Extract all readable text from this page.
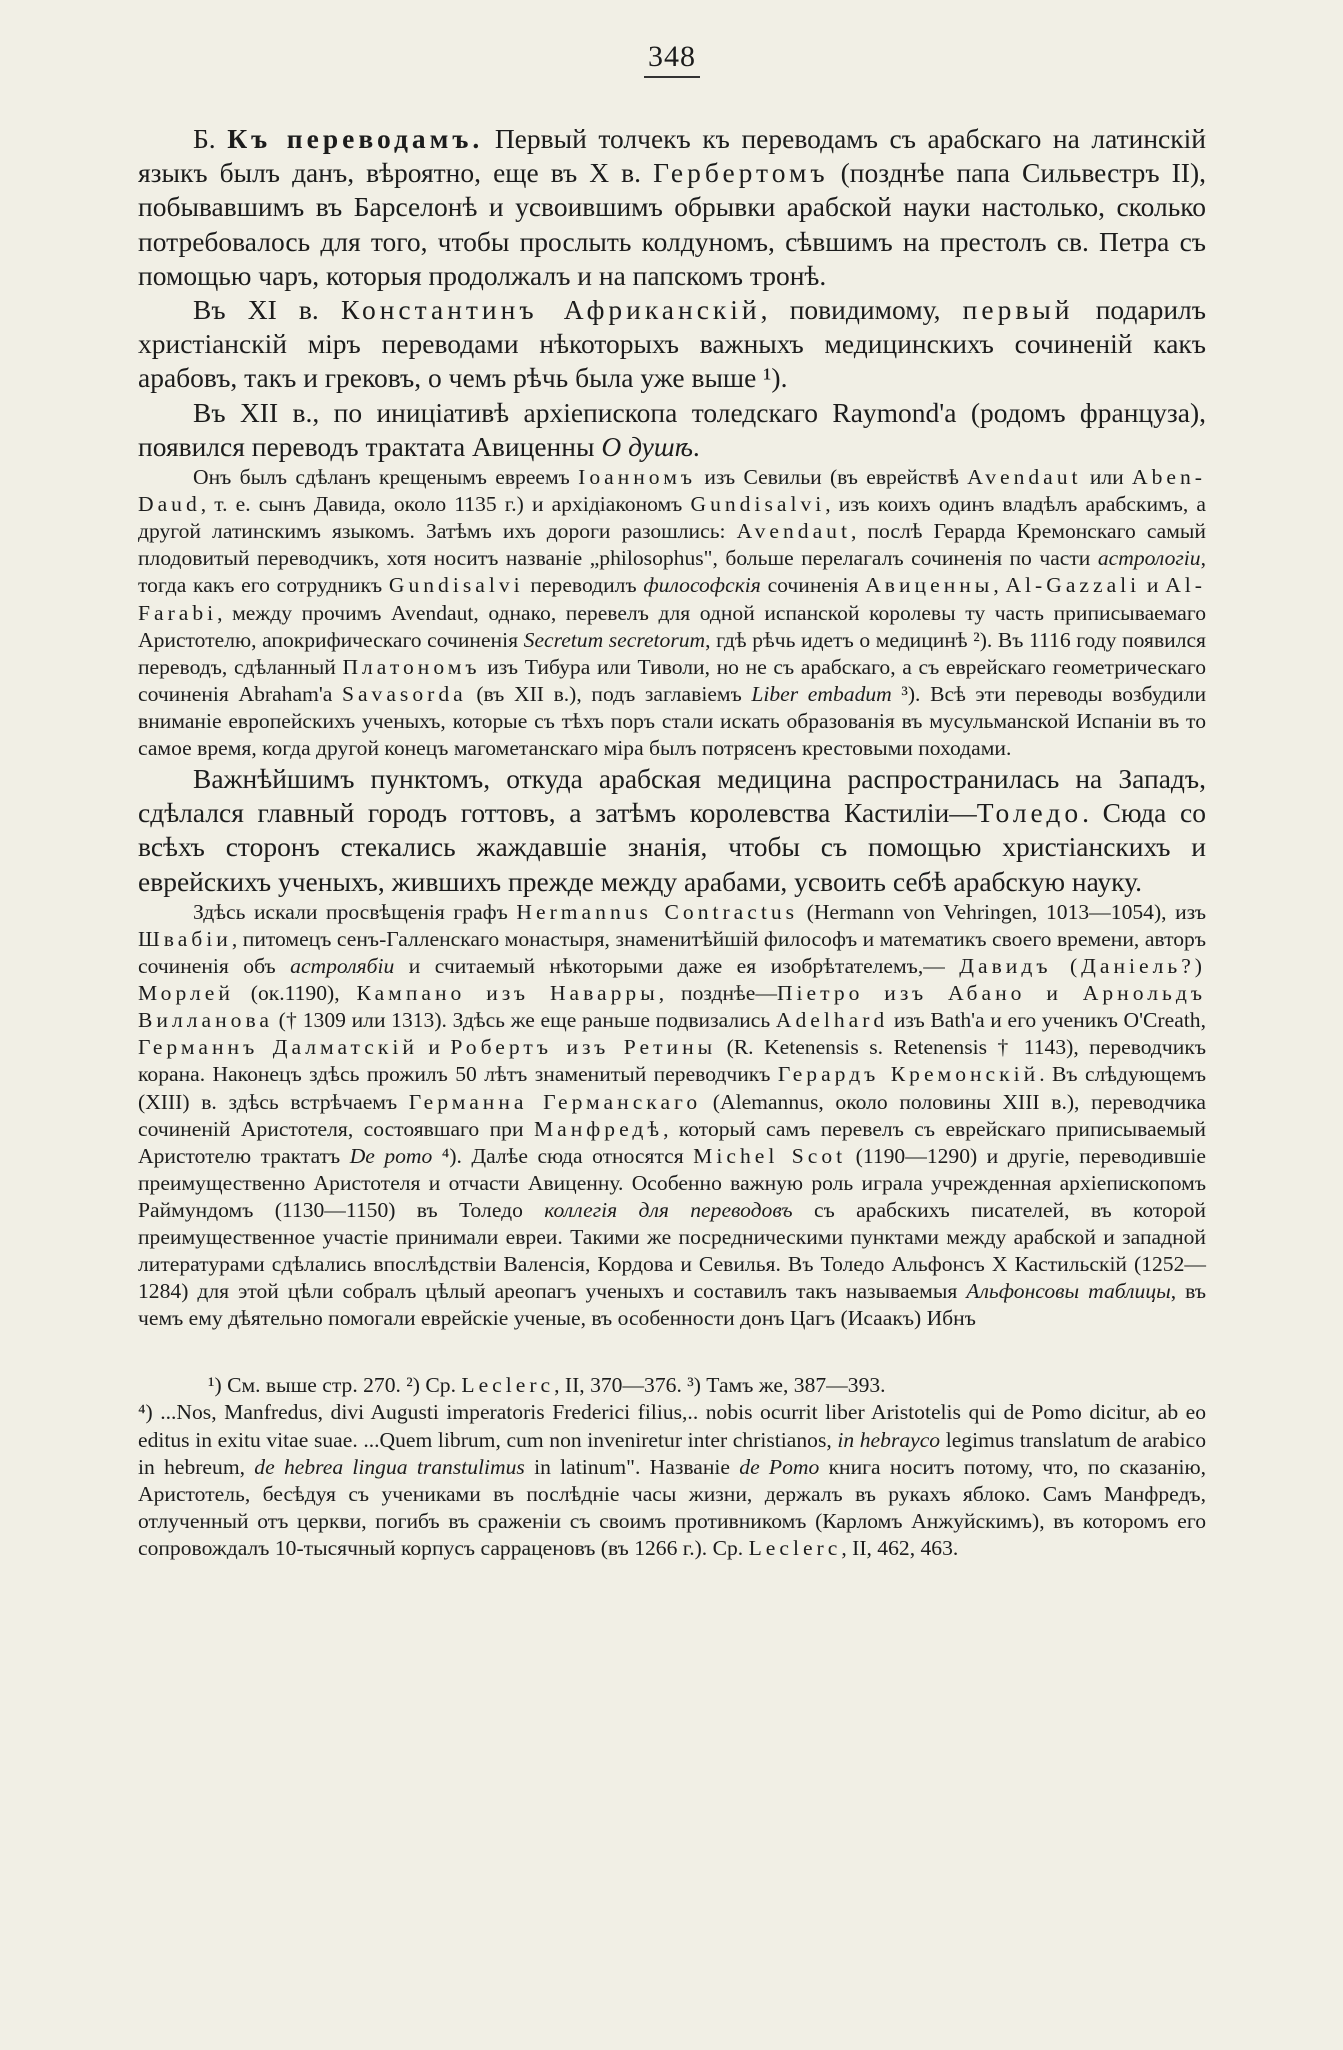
348

Б. Къ переводамъ. Первый толчекъ къ переводамъ съ арабскаго на латинскій языкъ былъ данъ, вѣроятно, еще въ X в. Гербертомъ (позднѣе папа Сильвестръ II), побывавшимъ въ Барселонѣ и усвоившимъ обрывки арабской науки настолько, сколько потребовалось для того, чтобы прослыть колдуномъ, сѣвшимъ на престолъ св. Петра съ помощью чаръ, которыя продолжалъ и на папскомъ тронѣ.

Въ XI в. Константинъ Африканскій, повидимому, первый подарилъ христіанскій міръ переводами нѣкоторыхъ важныхъ медицинскихъ сочиненій какъ арабовъ, такъ и грековъ, о чемъ рѣчь была уже выше ¹).

Въ XII в., по иниціативѣ архіепископа толедскаго Raymond'а (родомъ француза), появился переводъ трактата Авиценны О душѣ.

Онъ былъ сдѣланъ крещенымъ евреемъ Іоанномъ изъ Севильи (въ еврействѣ Avendaut или Aben-Daud, т. е. сынъ Давида, около 1135 г.) и архідіакономъ Gundisalvi, изъ коихъ одинъ владѣлъ арабскимъ, а другой латинскимъ языкомъ. Затѣмъ ихъ дороги разошлись: Avendaut, послѣ Герарда Кремонскаго самый плодовитый переводчикъ, хотя носитъ названіе „philosophus", больше перелагалъ сочиненія по части астрологіи, тогда какъ его сотрудникъ Gundisalvi переводилъ философскія сочиненія Авиценны, Al-Gazzali и Al-Farabi, между прочимъ Avendaut, однако, перевелъ для одной испанской королевы ту часть приписываемаго Аристотелю, апокрифическаго сочиненія Secretum secretorum, гдѣ рѣчь идетъ о медицинѣ ²). Въ 1116 году появился переводъ, сдѣланный Платономъ изъ Тибура или Тиволи, но не съ арабскаго, а съ еврейскаго геометрическаго сочиненія Abraham'а Savasorda (въ XII в.), подъ заглавіемъ Liber embadum ³). Всѣ эти переводы возбудили вниманіе европейскихъ ученыхъ, которые съ тѣхъ поръ стали искать образованія въ мусульманской Испаніи въ то самое время, когда другой конецъ магометанскаго міра былъ потрясенъ крестовыми походами.

Важнѣйшимъ пунктомъ, откуда арабская медицина распространилась на Западъ, сдѣлался главный городъ готтовъ, а затѣмъ королевства Кастиліи—Толедо. Сюда со всѣхъ сторонъ стекались жаждавшіе знанія, чтобы съ помощью христіанскихъ и еврейскихъ ученыхъ, жившихъ прежде между арабами, усвоить себѣ арабскую науку.

Здѣсь искали просвѣщенія графъ Hermannus Contractus (Hermann von Vehringen, 1013—1054), изъ Швабіи, питомецъ сенъ-Галленскаго монастыря, знаменитѣйшій философъ и математикъ своего времени, авторъ сочиненія объ астролябіи и считаемый нѣкоторыми даже ея изобрѣтателемъ,— Давидъ (Даніель?) Морлей (ок.1190), Кампано изъ Наварры, позднѣе—Піетро изъ Абано и Арнольдъ Вилланова († 1309 или 1313). Здѣсь же еще раньше подвизались Adelhard изъ Bath'а и его ученикъ O'Creath, Германнъ Далматскій и Робертъ изъ Ретины (R. Ketenensis s. Retenensis † 1143), переводчикъ корана. Наконецъ здѣсь прожилъ 50 лѣтъ знаменитый переводчикъ Герардъ Кремонскій. Въ слѣдующемъ (XIII) в. здѣсь встрѣчаемъ Германна Германскаго (Alemannus, около половины XIII в.), переводчика сочиненій Аристотеля, состоявшаго при Манфредѣ, который самъ перевелъ съ еврейскаго приписываемый Аристотелю трактатъ De pomo ⁴). Далѣе сюда относятся Michel Scot (1190—1290) и другіе, переводившіе преимущественно Аристотеля и отчасти Авиценну. Особенно важную роль играла учрежденная архіепископомъ Раймундомъ (1130—1150) въ Толедо коллегія для переводовъ съ арабскихъ писателей, въ которой преимущественное участіе принимали евреи. Такими же посредническими пунктами между арабской и западной литературами сдѣлались впослѣдствіи Валенсія, Кордова и Севилья. Въ Толедо Альфонсъ X Кастильскій (1252—1284) для этой цѣли собралъ цѣлый ареопагъ ученыхъ и составилъ такъ называемыя Альфонсовы таблицы, въ чемъ ему дѣятельно помогали еврейскіе ученые, въ особенности донъ Цагъ (Исаакъ) Ибнъ

¹) См. выше стр. 270. ²) Ср. Leclerc, II, 370—376. ³) Тамъ же, 387—393.

⁴) ...Nos, Manfredus, divi Augusti imperatoris Frederici filius,.. nobis ocurrit liber Aristotelis qui de Pomo dicitur, ab eo editus in exitu vitae suae. ...Quem librum, cum non inveniretur inter christianos, in hebrayco legimus translatum de arabico in hebreum, de hebrea lingua transtulimus in latinum". Названіе de Pomo книга носитъ потому, что, по сказанію, Аристотель, бесѣдуя съ учениками въ послѣдніе часы жизни, держалъ въ рукахъ яблоко. Самъ Манфредъ, отлученный отъ церкви, погибъ въ сраженіи съ своимъ противникомъ (Карломъ Анжуйскимъ), въ которомъ его сопровождалъ 10-тысячный корпусъ сарраценовъ (въ 1266 г.). Ср. Leclerc, II, 462, 463.
